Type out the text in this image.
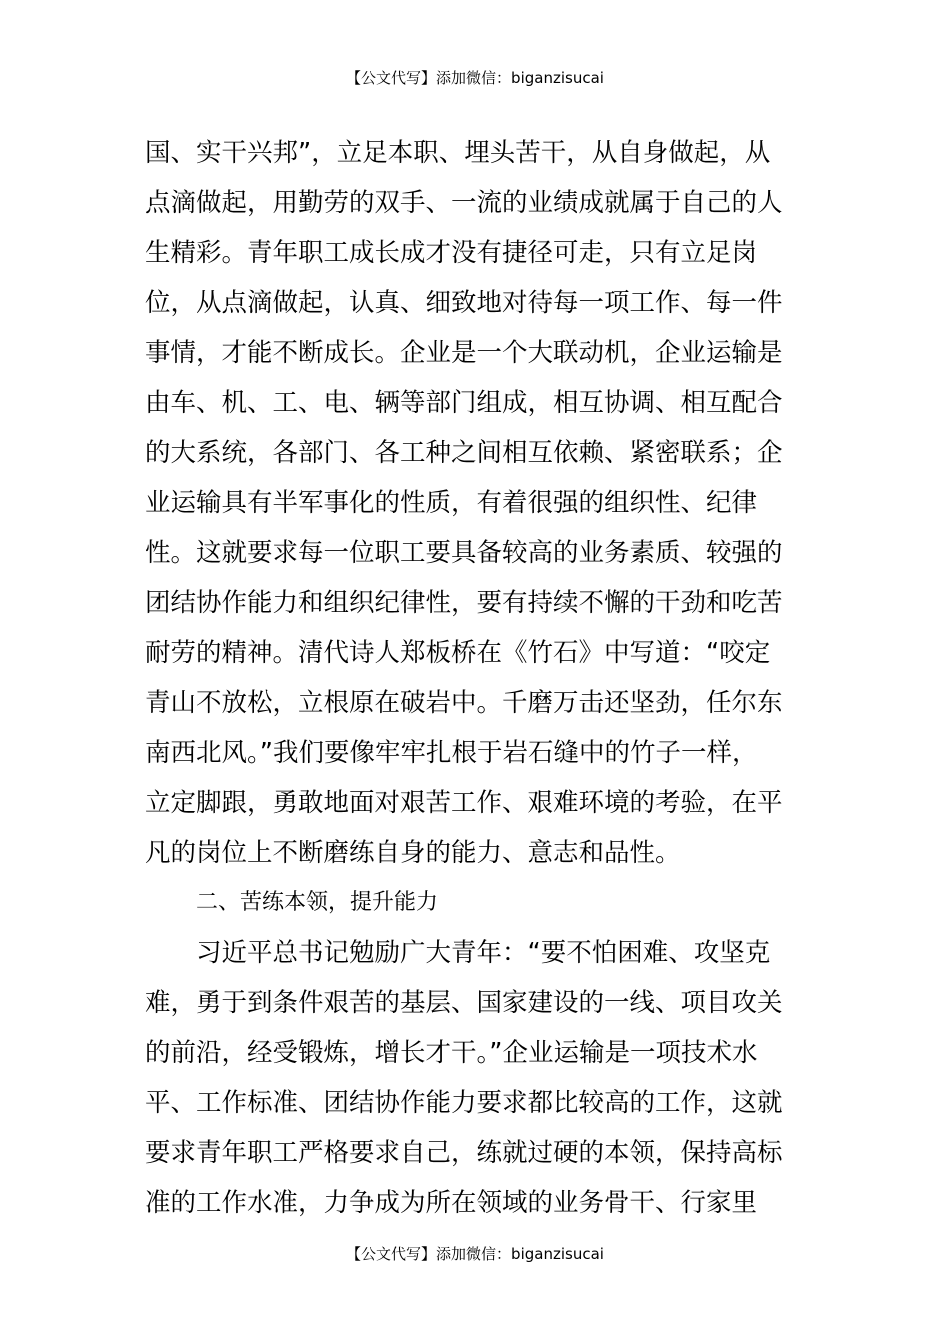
【公文代写】添加微信：biganzisucai
国、实干兴邦”，立足本职、埋头苦干，从自身做起，从
点滴做起，用勤劳的双手、一流的业绩成就属于自己的人
生精彩。青年职工成长成才没有捷径可走，只有立足岗
位，从点滴做起，认真、细致地对待每一项工作、每一件
事情，才能不断成长。企业是一个大联动机，企业运输是
由车、机、工、电、辆等部门组成，相互协调、相互配合
的大系统，各部门、各工种之间相互依赖、紧密联系；企
业运输具有半军事化的性质，有着很强的组织性、纪律
性。这就要求每一位职工要具备较高的业务素质、较强的
团结协作能力和组织纪律性，要有持续不懈的干劲和吃苦
耐劳的精神。清代诗人郑板桥在《竹石》中写道：“咬定
青山不放松，立根原在破岩中。千磨万击还坚劲，任尔东
南西北风。”我们要像牢牢扎根于岩石缝中的竹子一样，
立定脚跟，勇敢地面对艰苦工作、艰难环境的考验，在平
凡的岗位上不断磨练自身的能力、意志和品性。
二、苦练本领，提升能力
习近平总书记勉励广大青年：“要不怕困难、攻坚克
难，勇于到条件艰苦的基层、国家建设的一线、项目攻关
的前沿，经受锻炼，增长才干。”企业运输是一项技术水
平、工作标准、团结协作能力要求都比较高的工作，这就
要求青年职工严格要求自己，练就过硬的本领，保持高标
准的工作水准，力争成为所在领域的业务骨干、行家里
【公文代写】添加微信：biganzisucai
